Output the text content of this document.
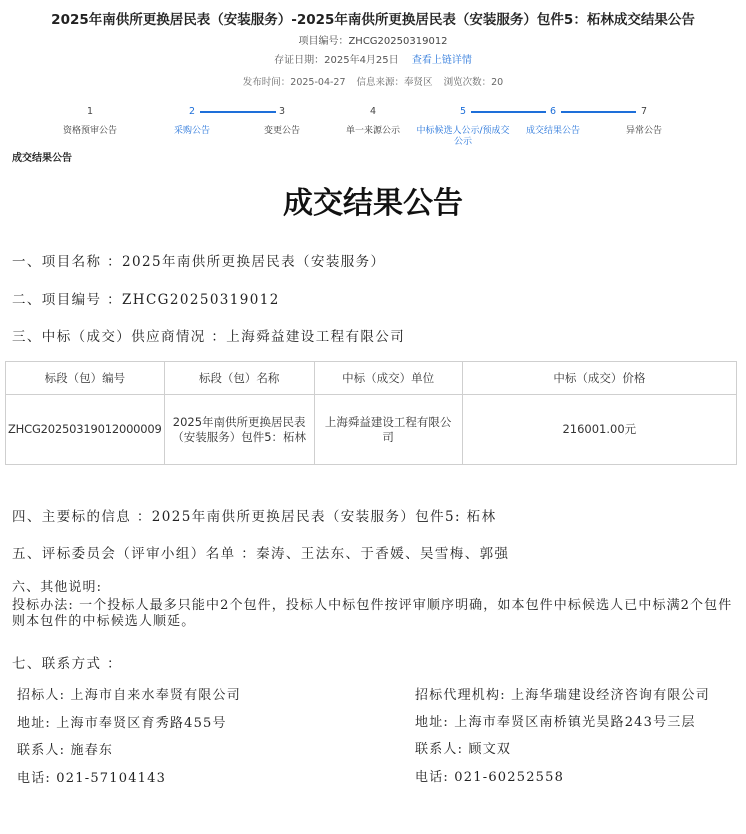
2025年南供所更换居民表（安装服务）-2025年南供所更换居民表（安装服务）包件5：柘林成交结果公告
项目编号：ZHCG20250319012
存证日期：2025年4月25日 查看上链详情
发布时间：2025-04-27 信息来源：奉贤区 浏览次数：20
1
资格预审公告
2
采购公告
3
变更公告
4
单一来源公示
5
中标候选人公示/预成交公示
6
成交结果公告
7
异常公告
成交结果公告
成交结果公告
一、项目名称 ：2025年南供所更换居民表（安装服务）
二、项目编号 ：ZHCG20250319012
三、中标（成交）供应商情况 ：上海舜益建设工程有限公司
标段（包）编号	标段（包）名称	中标（成交）单位	中标（成交）价格
ZHCG20250319012000009	2025年南供所更换居民表（安装服务）包件5：柘林	上海舜益建设工程有限公司	216001.00元
四、主要标的信息 ：2025年南供所更换居民表（安装服务）包件5: 柘林
五、评标委员会（评审小组）名单 ：秦涛、王法东、于香媛、吴雪梅、郭强
六、其他说明:
投标办法: 一个投标人最多只能中2个包件，投标人中标包件按评审顺序明确，如本包件中标候选人已中标满2个包件则本包件的中标候选人顺延。
七、联系方式 ：
招标人: 上海市自来水奉贤有限公司
地址: 上海市奉贤区育秀路455号
联系人: 施春东
电话: 021-57104143
招标代理机构: 上海华瑞建设经济咨询有限公司
地址: 上海市奉贤区南桥镇光昊路243号三层
联系人: 顾文双
电话: 021-60252558
